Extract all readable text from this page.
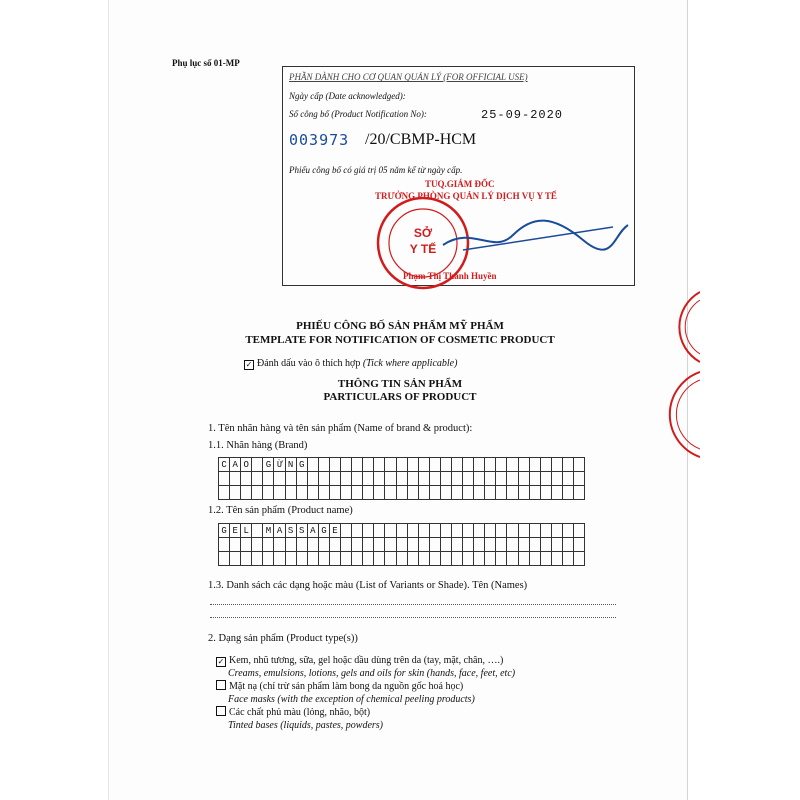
Phụ lục số 01-MP
PHẦN DÀNH CHO CƠ QUAN QUẢN LÝ (FOR OFFICIAL USE)
Ngày cấp (Date acknowledged):
Số công bố (Product Notification No):	25-09-2020
003973 /20/CBMP-HCM
Phiếu công bố có giá trị 05 năm kể từ ngày cấp.
TUQ.GIÁM ĐỐC
TRƯỞNG PHÒNG QUẢN LÝ DỊCH VỤ Y TẾ
SỞ
Y TẾ
Phạm Thị Thanh Huyền
PHIẾU CÔNG BỐ SẢN PHẨM MỸ PHẨM
TEMPLATE FOR NOTIFICATION OF COSMETIC PRODUCT
✓ Đánh dấu vào ô thích hợp (Tick where applicable)
THÔNG TIN SẢN PHẨM
PARTICULARS OF PRODUCT
1. Tên nhãn hàng và tên sản phẩm (Name of brand & product):
1.1. Nhãn hàng (Brand)
C A O	G Ừ N G
1.2. Tên sản phẩm (Product name)
G E L	M A S S A G E
1.3. Danh sách các dạng hoặc màu (List of Variants or Shade). Tên (Names)
2. Dạng sản phẩm (Product type(s))
✓ Kem, nhũ tương, sữa, gel hoặc dầu dùng trên da (tay, mặt, chân, ….)
Creams, emulsions, lotions, gels and oils for skin (hands, face, feet, etc)
Mặt nạ (chỉ trừ sản phẩm làm bong da nguồn gốc hoá học)
Face masks (with the exception of chemical peeling products)
Các chất phủ màu (lỏng, nhão, bột)
Tinted bases (liquids, pastes, powders)
